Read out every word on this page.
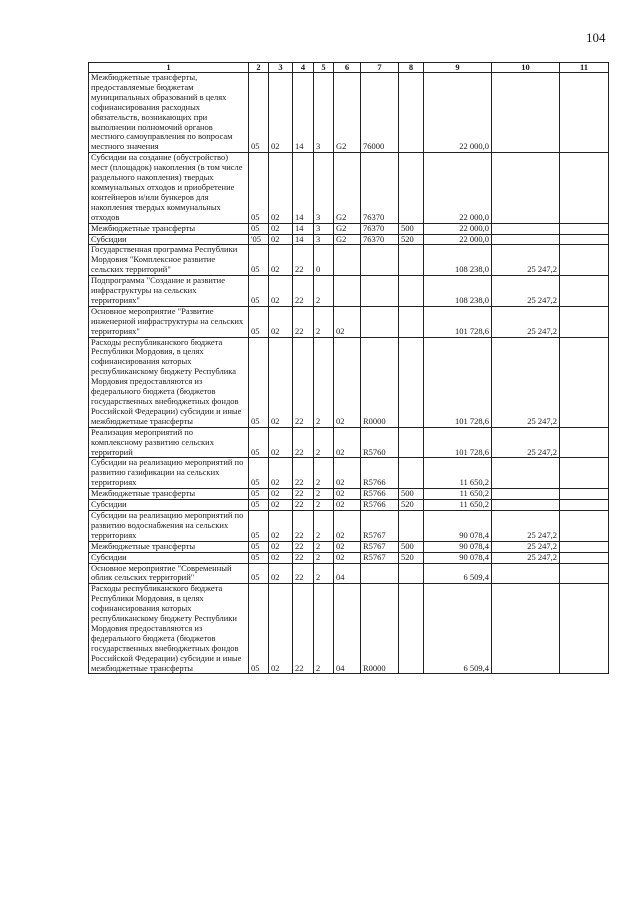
104
1	2	3	4	5	6	7	8	9	10	11
Межбюджетные трансферты, предоставляемые бюджетам муниципальных образований в целях софинансирования расходных обязательств, возникающих при выполнении полномочий органов местного самоуправления по вопросам местного значения	05	02	14	3	G2	76000		22 000,0		
Субсидии на создание (обустройство) мест (площадок) накопления (в том числе раздельного накопления) твердых коммунальных отходов и приобретение контейнеров и/или бункеров для накопления твердых коммунальных отходов	05	02	14	3	G2	76370		22 000,0		
Межбюджетные трансферты	05	02	14	3	G2	76370	500	22 000,0		
Субсидии	'05	02	14	3	G2	76370	520	22 000,0		
Государственная программа Республики Мордовия "Комплексное развитие сельских территорий"	05	02	22	0				108 238,0	25 247,2	
Подпрограмма "Создание и развитие инфраструктуры на сельских территориях"	05	02	22	2				108 238,0	25 247,2	
Основное мероприятие "Развитие инженерной инфраструктуры на сельских территориях"	05	02	22	2	02			101 728,6	25 247,2	
Расходы республиканского бюджета Республики Мордовия, в целях софинансирования которых республиканскому бюджету Республика Мордовия предоставляются из федерального бюджета (бюджетов государственных внебюджетных фондов Российской Федерации) субсидии и иные межбюджетные трансферты	05	02	22	2	02	R0000		101 728,6	25 247,2	
Реализация мероприятий по комплексному развитию сельских территорий	05	02	22	2	02	R5760		101 728,6	25 247,2	
Субсидии на реализацию мероприятий по развитию газификации на сельских территориях	05	02	22	2	02	R5766		11 650,2		
Межбюджетные трансферты	05	02	22	2	02	R5766	500	11 650,2		
Субсидии	05	02	22	2	02	R5766	520	11 650,2		
Субсидии на реализацию мероприятий по развитию водоснабжения на сельских территориях	05	02	22	2	02	R5767		90 078,4	25 247,2	
Межбюджетные трансферты	05	02	22	2	02	R5767	500	90 078,4	25 247,2	
Субсидии	05	02	22	2	02	R5767	520	90 078,4	25 247,2	
Основное мероприятие "Современный облик сельских территорий"	05	02	22	2	04			6 509,4		
Расходы республиканского бюджета Республики Мордовия, в целях софинансирования которых республиканскому бюджету Республики Мордовия предоставляются из федерального бюджета (бюджетов государственных внебюджетных фондов Российской Федерации) субсидии и иные межбюджетные трансферты	05	02	22	2	04	R0000		6 509,4		
